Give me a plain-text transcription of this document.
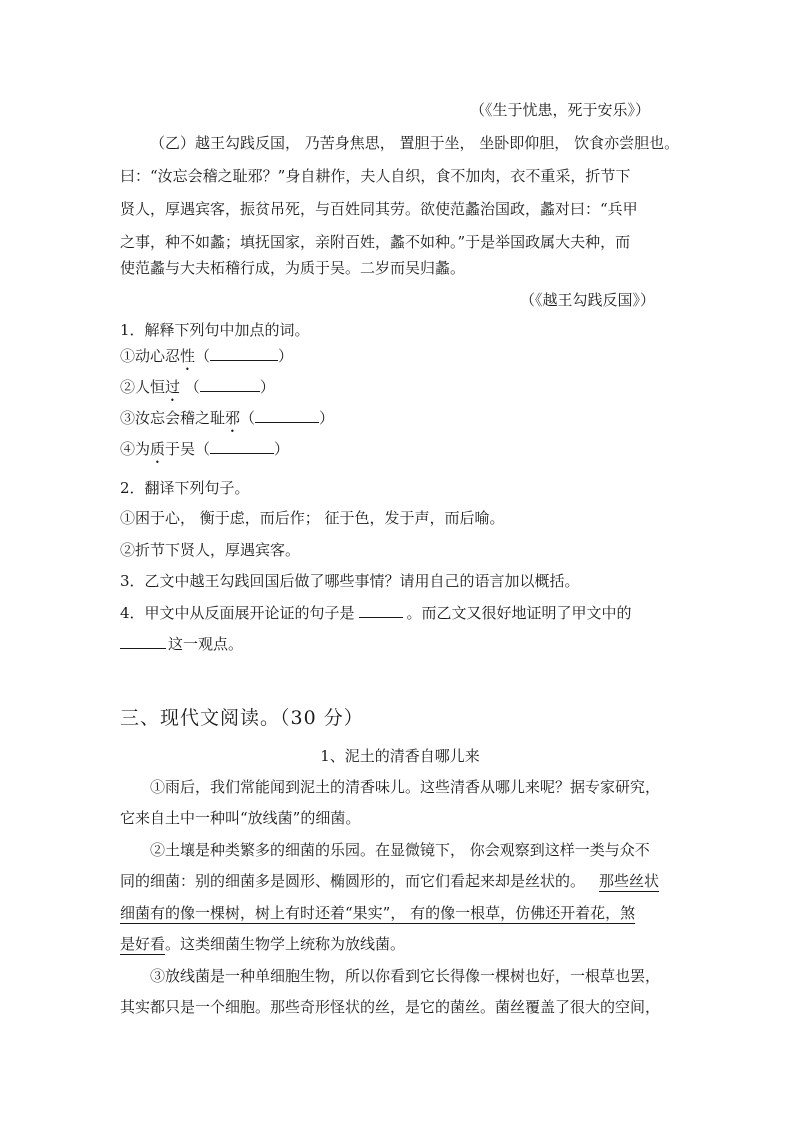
（《生于忧患，死于安乐》）
（乙）越王勾践反国， 乃苦身焦思， 置胆于坐， 坐卧即仰胆， 饮食亦尝胆也。
曰：“汝忘会稽之耻邪？”身自耕作，夫人自织，食不加肉，衣不重采，折节下
贤人，厚遇宾客，振贫吊死，与百姓同其劳。欲使范蠡治国政，蠡对曰：“兵甲
之事，种不如蠡；填抚国家，亲附百姓，蠡不如种。”于是举国政属大夫种，而
使范蠡与大夫柘稽行成，为质于吴。二岁而吴归蠡。
（《越王勾践反国》）
1．解释下列句中加点的词。
①动心忍性（	）
②人恒过 （	）
③汝忘会稽之耻邪（	）
④为质于吴（	）
2．翻译下列句子。
①困于心， 衡于虑，而后作； 征于色，发于声，而后喻。
②折节下贤人，厚遇宾客。
3．乙文中越王勾践回国后做了哪些事情？请用自己的语言加以概括。
4．甲文中从反面展开论证的句子是	。而乙文又很好地证明了甲文中的
这一观点。
三、现代文阅读。（30 分）
1、泥土的清香自哪儿来
①雨后，我们常能闻到泥土的清香味儿。这些清香从哪儿来呢？据专家研究，
它来自土中一种叫“放线菌”的细菌。
②土壤是种类繁多的细菌的乐园。在显微镜下， 你会观察到这样一类与众不
同的细菌：别的细菌多是圆形、椭圆形的，而它们看起来却是丝状的。 那些丝状
细菌有的像一棵树，树上有时还着“果实”， 有的像一根草，仿佛还开着花，煞
是好看。这类细菌生物学上统称为放线菌。
③放线菌是一种单细胞生物，所以你看到它长得像一棵树也好，一根草也罢，
其实都只是一个细胞。那些奇形怪状的丝，是它的菌丝。菌丝覆盖了很大的空间，
